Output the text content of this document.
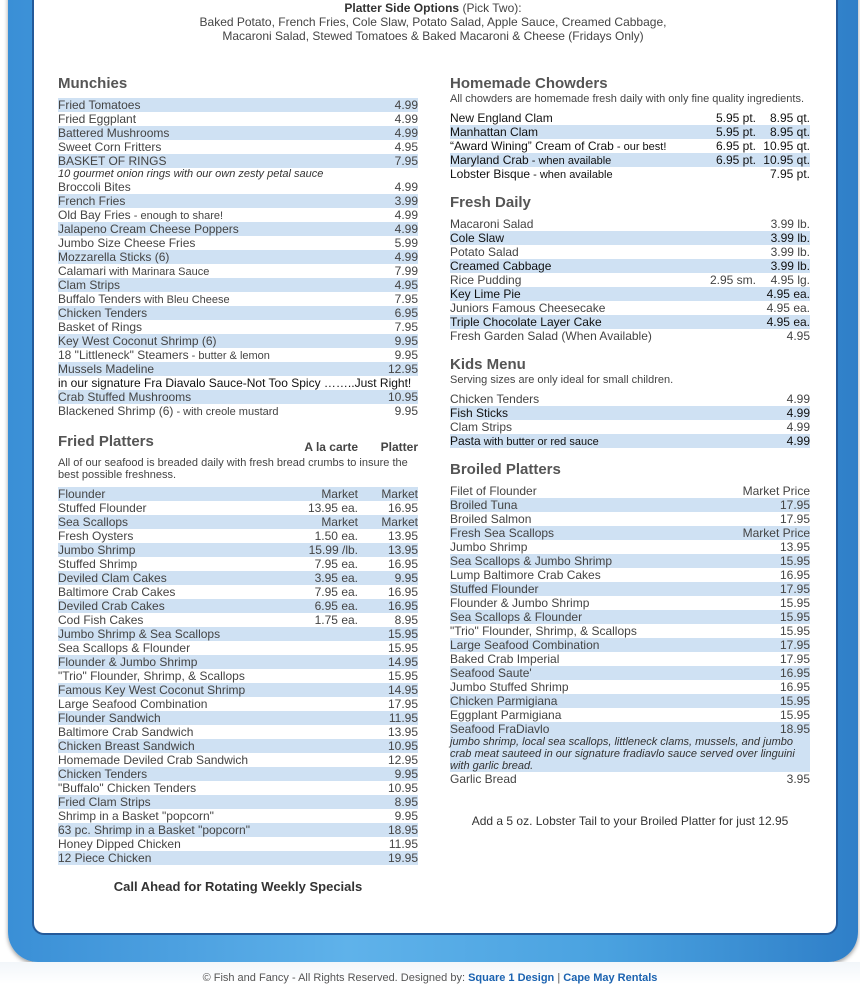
Platter Side Options (Pick Two):
Baked Potato, French Fries, Cole Slaw, Potato Salad, Apple Sauce, Creamed Cabbage,
Macaroni Salad, Stewed Tomatoes & Baked Macaroni & Cheese (Fridays Only)
Munchies
Fried Tomatoes	4.99
Fried Eggplant	4.99
Battered Mushrooms	4.99
Sweet Corn Fritters	4.95
BASKET OF RINGS	7.95
10 gourmet onion rings with our own zesty petal sauce
Broccoli Bites	4.99
French Fries	3.99
Old Bay Fries - enough to share!	4.99
Jalapeno Cream Cheese Poppers	4.99
Jumbo Size Cheese Fries	5.99
Mozzarella Sticks (6)	4.99
Calamari with Marinara Sauce	7.99
Clam Strips	4.95
Buffalo Tenders with Bleu Cheese	7.95
Chicken Tenders	6.95
Basket of Rings	7.95
Key West Coconut Shrimp (6)	9.95
18 "Littleneck" Steamers - butter & lemon	9.95
Mussels Madeline	12.95
in our signature Fra Diavalo Sauce-Not Too Spicy ……..Just Right!
Crab Stuffed Mushrooms	10.95
Blackened Shrimp (6) - with creole mustard	9.95
Fried Platters	A la carte	Platter
All of our seafood is breaded daily with fresh bread crumbs to insure the best possible freshness.
Flounder	Market	Market
Stuffed Flounder	13.95 ea.	16.95
Sea Scallops	Market	Market
Fresh Oysters	1.50 ea.	13.95
Jumbo Shrimp	15.99 /lb.	13.95
Stuffed Shrimp	7.95 ea.	16.95
Deviled Clam Cakes	3.95 ea.	9.95
Baltimore Crab Cakes	7.95 ea.	16.95
Deviled Crab Cakes	6.95 ea.	16.95
Cod Fish Cakes	1.75 ea.	8.95
Jumbo Shrimp & Sea Scallops	15.95
Sea Scallops & Flounder	15.95
Flounder & Jumbo Shrimp	14.95
"Trio" Flounder, Shrimp, & Scallops	15.95
Famous Key West Coconut Shrimp	14.95
Large Seafood Combination	17.95
Flounder Sandwich	11.95
Baltimore Crab Sandwich	13.95
Chicken Breast Sandwich	10.95
Homemade Deviled Crab Sandwich	12.95
Chicken Tenders	9.95
"Buffalo" Chicken Tenders	10.95
Fried Clam Strips	8.95
Shrimp in a Basket "popcorn"	9.95
63 pc. Shrimp in a Basket "popcorn"	18.95
Honey Dipped Chicken	11.95
12 Piece Chicken	19.95
Call Ahead for Rotating Weekly Specials
Homemade Chowders
All chowders are homemade fresh daily with only fine quality ingredients.
New England Clam	5.95 pt.	8.95 qt.
Manhattan Clam	5.95 pt.	8.95 qt.
“Award Wining” Cream of Crab - our best!	6.95 pt. 10.95 qt.
Maryland Crab - when available	6.95 pt. 10.95 qt.
Lobster Bisque - when available	7.95 pt.
Fresh Daily
Macaroni Salad	3.99 lb.
Cole Slaw	3.99 lb.
Potato Salad	3.99 lb.
Creamed Cabbage	3.99 lb.
Rice Pudding	2.95 sm.	4.95 lg.
Key Lime Pie	4.95 ea.
Juniors Famous Cheesecake	4.95 ea.
Triple Chocolate Layer Cake	4.95 ea.
Fresh Garden Salad (When Available)	4.95
Kids Menu
Serving sizes are only ideal for small children.
Chicken Tenders	4.99
Fish Sticks	4.99
Clam Strips	4.99
Pasta with butter or red sauce	4.99
Broiled Platters
Filet of Flounder	Market Price
Broiled Tuna	17.95
Broiled Salmon	17.95
Fresh Sea Scallops	Market Price
Jumbo Shrimp	13.95
Sea Scallops & Jumbo Shrimp	15.95
Lump Baltimore Crab Cakes	16.95
Stuffed Flounder	17.95
Flounder & Jumbo Shrimp	15.95
Sea Scallops & Flounder	15.95
"Trio" Flounder, Shrimp, & Scallops	15.95
Large Seafood Combination	17.95
Baked Crab Imperial	17.95
Seafood Saute'	16.95
Jumbo Stuffed Shrimp	16.95
Chicken Parmigiana	15.95
Eggplant Parmigiana	15.95
Seafood FraDiavlo	18.95
jumbo shrimp, local sea scallops, littleneck clams, mussels, and jumbo crab meat sauteed in our signature fradiavlo sauce served over linguini with garlic bread.
Garlic Bread	3.95
Add a 5 oz. Lobster Tail to your Broiled Platter for just 12.95
© Fish and Fancy - All Rights Reserved. Designed by: Square 1 Design | Cape May Rentals
